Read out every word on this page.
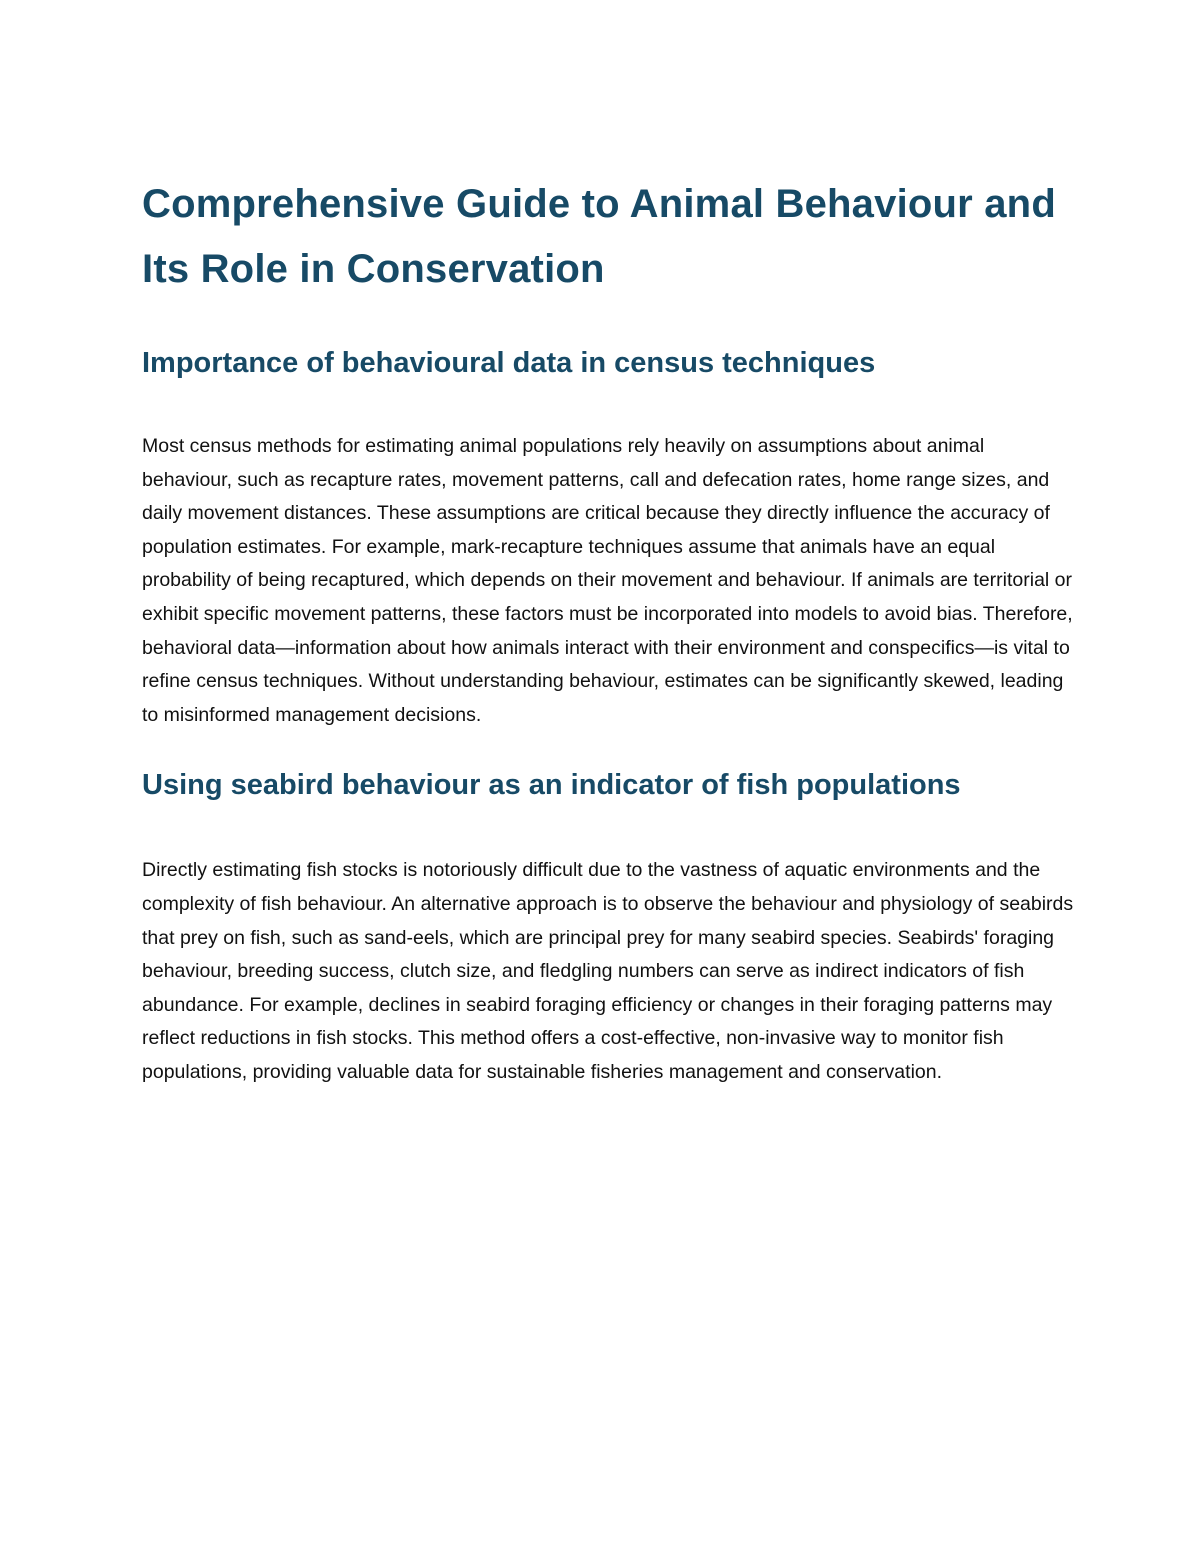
Comprehensive Guide to Animal Behaviour and Its Role in Conservation
Importance of behavioural data in census techniques

Most census methods for estimating animal populations rely heavily on assumptions about animal behaviour, such as recapture rates, movement patterns, call and defecation rates, home range sizes, and daily movement distances. These assumptions are critical because they directly influence the accuracy of population estimates. For example, mark-recapture techniques assume that animals have an equal probability of being recaptured, which depends on their movement and behaviour. If animals are territorial or exhibit specific movement patterns, these factors must be incorporated into models to avoid bias. Therefore, behavioral data—information about how animals interact with their environment and conspecifics—is vital to refine census techniques. Without understanding behaviour, estimates can be significantly skewed, leading to misinformed management decisions.

Using seabird behaviour as an indicator of fish populations

Directly estimating fish stocks is notoriously difficult due to the vastness of aquatic environments and the complexity of fish behaviour. An alternative approach is to observe the behaviour and physiology of seabirds that prey on fish, such as sand-eels, which are principal prey for many seabird species. Seabirds' foraging behaviour, breeding success, clutch size, and fledgling numbers can serve as indirect indicators of fish abundance. For example, declines in seabird foraging efficiency or changes in their foraging patterns may reflect reductions in fish stocks. This method offers a cost-effective, non-invasive way to monitor fish populations, providing valuable data for sustainable fisheries management and conservation.
